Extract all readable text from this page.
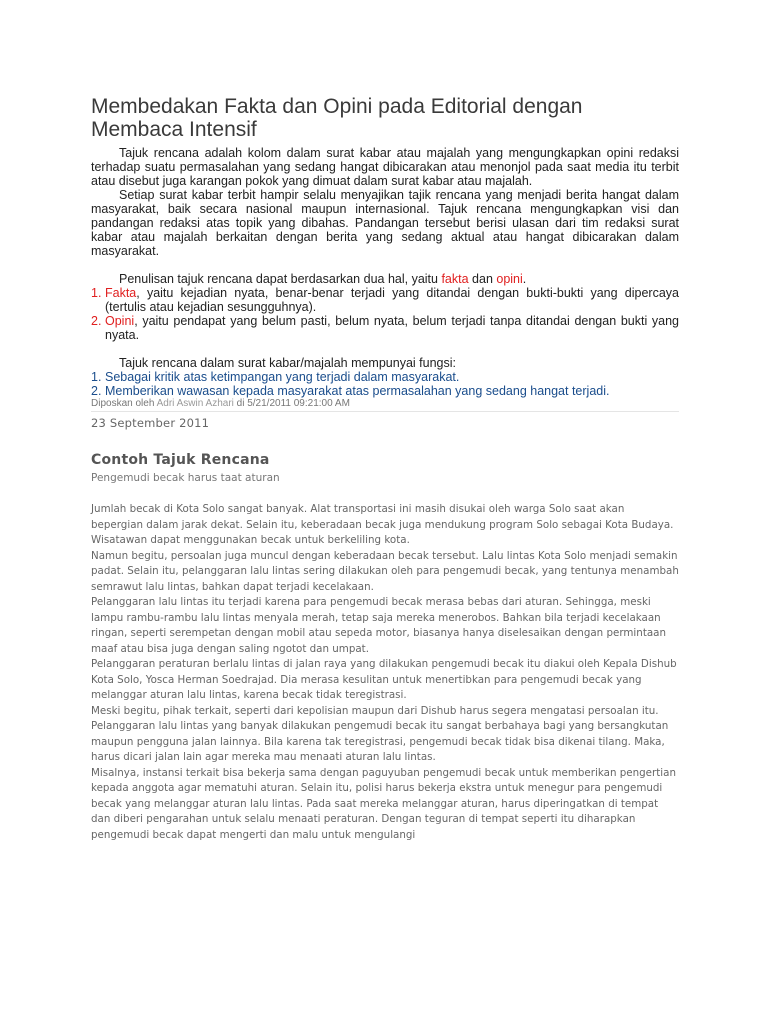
Membedakan Fakta dan Opini pada Editorial dengan Membaca Intensif

Tajuk rencana adalah kolom dalam surat kabar atau majalah yang mengungkapkan opini redaksi terhadap suatu permasalahan yang sedang hangat dibicarakan atau menonjol pada saat media itu terbit atau disebut juga karangan pokok yang dimuat dalam surat kabar atau majalah.

Setiap surat kabar terbit hampir selalu menyajikan tajik rencana yang menjadi berita hangat dalam masyarakat, baik secara nasional maupun internasional. Tajuk rencana mengungkapkan visi dan pandangan redaksi atas topik yang dibahas. Pandangan tersebut berisi ulasan dari tim redaksi surat kabar atau majalah berkaitan dengan berita yang sedang aktual atau hangat dibicarakan dalam masyarakat.

Penulisan tajuk rencana dapat berdasarkan dua hal, yaitu fakta dan opini.

1. Fakta, yaitu kejadian nyata, benar-benar terjadi yang ditandai dengan bukti-bukti yang dipercaya (tertulis atau kejadian sesungguhnya).
2. Opini, yaitu pendapat yang belum pasti, belum nyata, belum terjadi tanpa ditandai dengan bukti yang nyata.

Tajuk rencana dalam surat kabar/majalah mempunyai fungsi:

1. Sebagai kritik atas ketimpangan yang terjadi dalam masyarakat.
2. Memberikan wawasan kepada masyarakat atas permasalahan yang sedang hangat terjadi.
Diposkan oleh Adri Aswin Azhari di 5/21/2011 09:21:00 AM
23 September 2011
Contoh Tajuk Rencana
Pengemudi becak harus taat aturan

Jumlah becak di Kota Solo sangat banyak. Alat transportasi ini masih disukai oleh warga Solo saat akan bepergian dalam jarak dekat. Selain itu, keberadaan becak juga mendukung program Solo sebagai Kota Budaya. Wisatawan dapat menggunakan becak untuk berkeliling kota.

Namun begitu, persoalan juga muncul dengan keberadaan becak tersebut. Lalu lintas Kota Solo menjadi semakin padat. Selain itu, pelanggaran lalu lintas sering dilakukan oleh para pengemudi becak, yang tentunya menambah semrawut lalu lintas, bahkan dapat terjadi kecelakaan.

Pelanggaran lalu lintas itu terjadi karena para pengemudi becak merasa bebas dari aturan. Sehingga, meski lampu rambu-rambu lalu lintas menyala merah, tetap saja mereka menerobos. Bahkan bila terjadi kecelakaan ringan, seperti serempetan dengan mobil atau sepeda motor, biasanya hanya diselesaikan dengan permintaan maaf atau bisa juga dengan saling ngotot dan umpat.

Pelanggaran peraturan berlalu lintas di jalan raya yang dilakukan pengemudi becak itu diakui oleh Kepala Dishub Kota Solo, Yosca Herman Soedrajad. Dia merasa kesulitan untuk menertibkan para pengemudi becak yang melanggar aturan lalu lintas, karena becak tidak teregistrasi.

Meski begitu, pihak terkait, seperti dari kepolisian maupun dari Dishub harus segera mengatasi persoalan itu. Pelanggaran lalu lintas yang banyak dilakukan pengemudi becak itu sangat berbahaya bagi yang bersangkutan maupun pengguna jalan lainnya. Bila karena tak teregistrasi, pengemudi becak tidak bisa dikenai tilang. Maka, harus dicari jalan lain agar mereka mau menaati aturan lalu lintas.

Misalnya, instansi terkait bisa bekerja sama dengan paguyuban pengemudi becak untuk memberikan pengertian kepada anggota agar mematuhi aturan. Selain itu, polisi harus bekerja ekstra untuk menegur para pengemudi becak yang melanggar aturan lalu lintas. Pada saat mereka melanggar aturan, harus diperingatkan di tempat dan diberi pengarahan untuk selalu menaati peraturan. Dengan teguran di tempat seperti itu diharapkan pengemudi becak dapat mengerti dan malu untuk mengulangi
